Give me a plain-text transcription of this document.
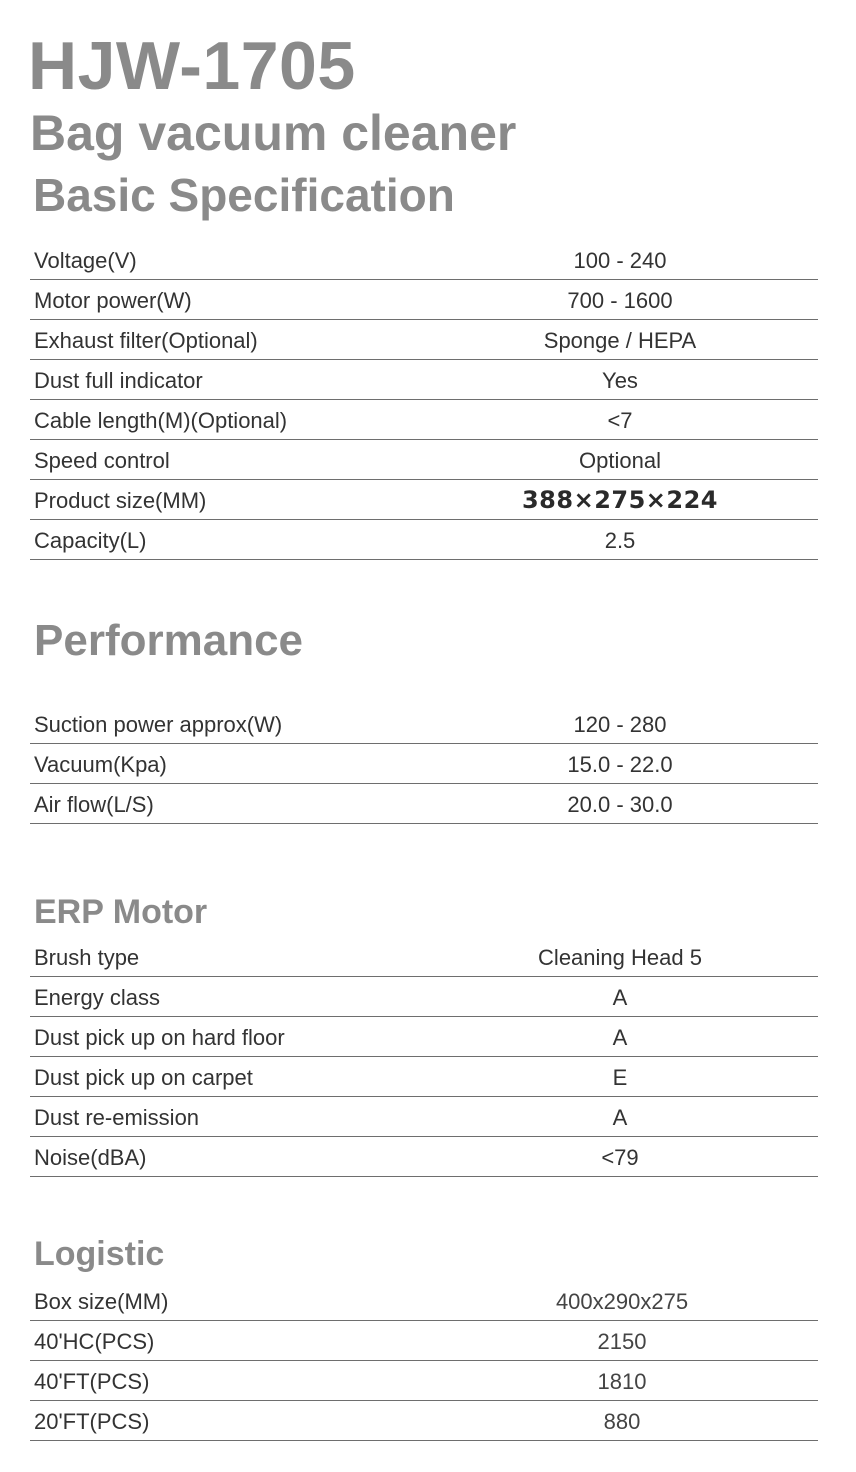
HJW-1705
Bag vacuum cleaner
Basic Specification
Voltage(V)	100 - 240
Motor power(W)	700 - 1600
Exhaust filter(Optional)	Sponge / HEPA
Dust full indicator	Yes
Cable length(M)(Optional)	<7
Speed control	Optional
Product size(MM)	388×275×224
Capacity(L)	2.5
Performance
Suction power approx(W)	120 - 280
Vacuum(Kpa)	15.0 - 22.0
Air flow(L/S)	20.0 - 30.0
ERP Motor
Brush type	Cleaning Head 5
Energy class	A
Dust pick up on hard floor	A
Dust pick up on carpet	E
Dust re-emission	A
Noise(dBA)	<79
Logistic
Box size(MM)	400x290x275
40'HC(PCS)	2150
40'FT(PCS)	1810
20'FT(PCS)	880
